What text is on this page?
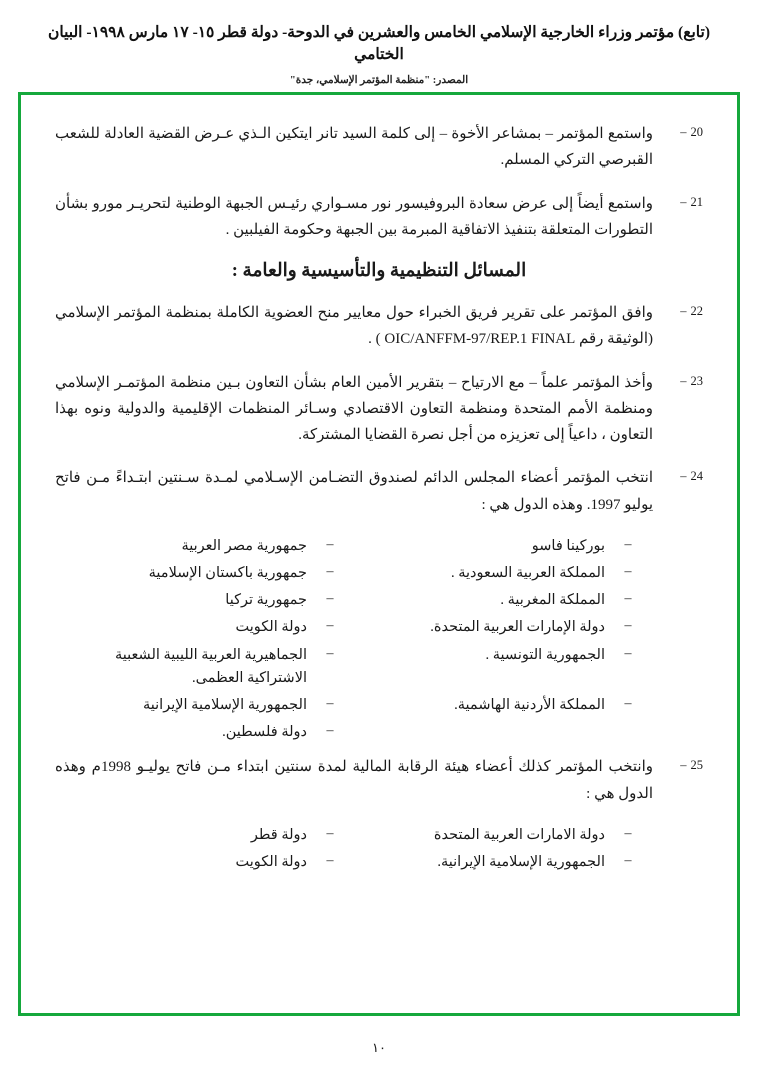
(تابع) مؤتمر وزراء الخارجية الإسلامي الخامس والعشرين في الدوحة- دولة قطر ١٥- ١٧ مارس ١٩٩٨- البيان الختامي
المصدر: "منظمة المؤتمر الإسلامي، جدة"
20–
واستمع المؤتمر – بمشاعر الأخوة – إلى كلمة السيد تانر ايتكين الـذي عـرض القضية العادلة للشعب القبرصي التركي المسلم.
21–
واستمع أيضاً إلى عرض سعادة البروفيسور نور مسـواري رئيـس الجبهة الوطنية لتحريـر مورو بشأن التطورات المتعلقة بتنفيذ الاتفاقية المبرمة بين الجبهة وحكومة الفيلبين .
المسائل التنظيمية والتأسيسية والعامة :
22–
وافق المؤتمر على تقرير فريق الخبراء حول معايير منح العضوية الكاملة بمنظمة المؤتمر الإسلامي (الوثيقة رقم OIC/ANFFM-97/REP.1 FINAL ) .
23–
وأخذ المؤتمر علماً – مع الارتياح – بتقرير الأمين العام بشأن التعاون بـين منظمة المؤتمـر الإسلامي ومنظمة الأمم المتحدة ومنظمة التعاون الاقتصادي وسـائر المنظمات الإقليمية والدولية ونوه بهذا التعاون ، داعياً إلى تعزيزه من أجل نصرة القضايا المشتركة.
24–
انتخب المؤتمر أعضاء المجلس الدائم لصندوق التضـامن الإسـلامي لمـدة سـنتين ابتـداءً مـن فاتح يوليو 1997. وهذه الدول هي :
–
بوركينا فاسو
–
جمهورية مصر العربية
–
المملكة العربية السعودية .
–
جمهورية باكستان الإسلامية
–
المملكة المغربية .
–
جمهورية تركيا
–
دولة الإمارات العربية المتحدة.
–
دولة الكويت
–
الجمهورية التونسية .
–
الجماهيرية العربية الليبية الشعبية الاشتراكية العظمى.
–
المملكة الأردنية الهاشمية.
–
الجمهورية الإسلامية الإيرانية
–
دولة فلسطين.
25–
وانتخب المؤتمر كذلك أعضاء هيئة الرقابة المالية لمدة سنتين ابتداء مـن فاتح يوليـو 1998م وهذه الدول هي :
–
دولة الامارات العربية المتحدة
–
دولة قطر
–
الجمهورية الإسلامية الإيرانية.
–
دولة الكويت
١٠
